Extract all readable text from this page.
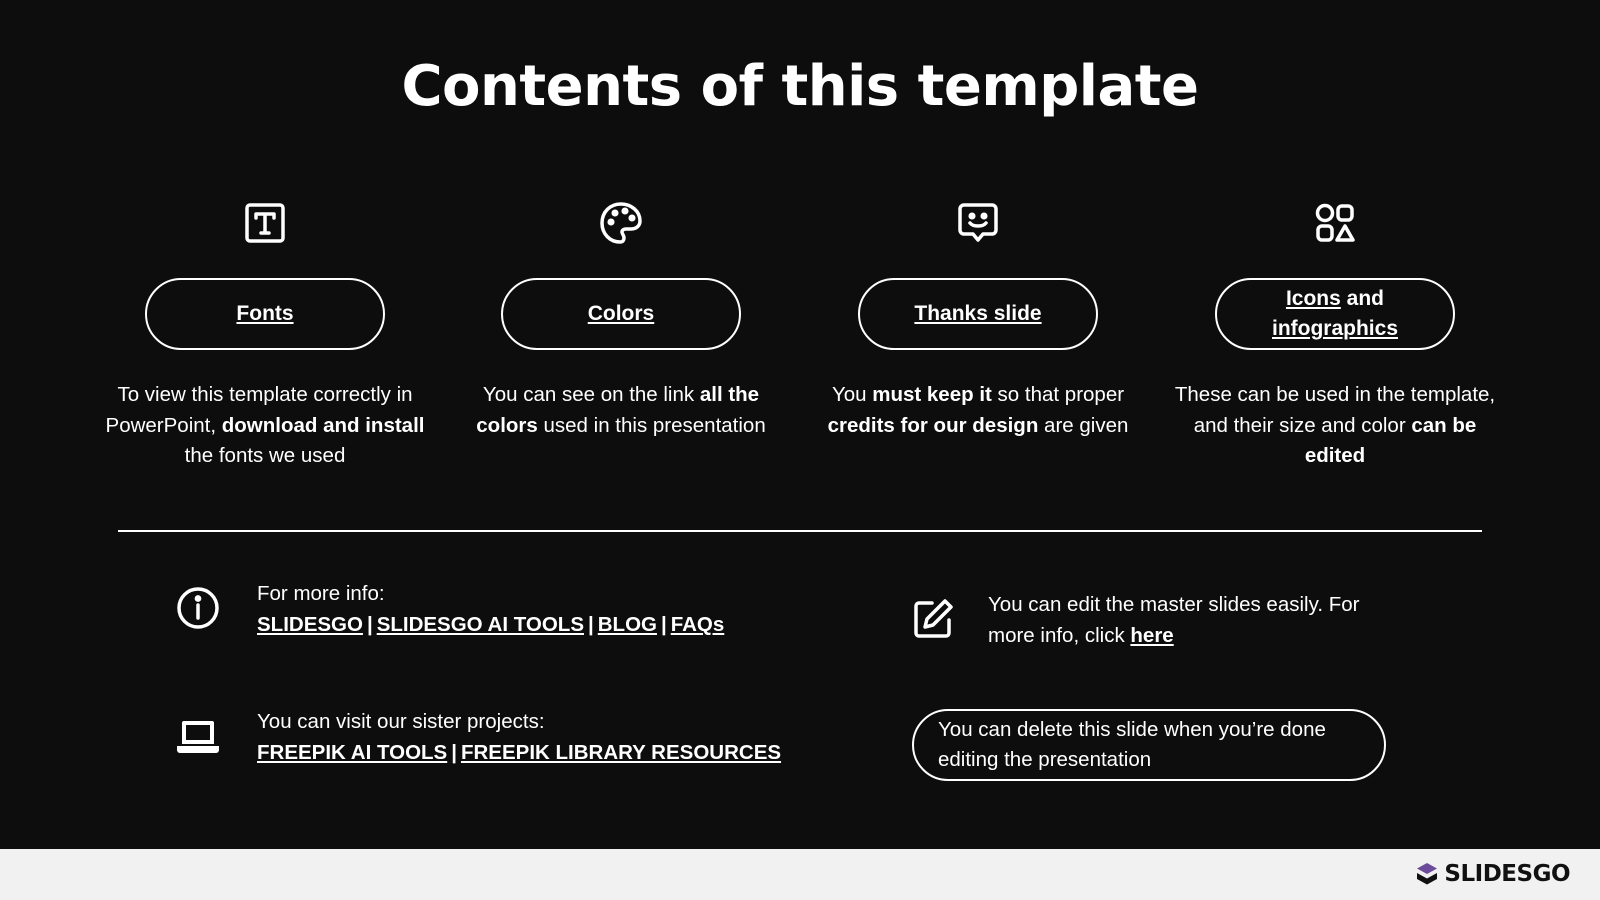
Contents of this template
Fonts
To view this template correctly in PowerPoint, download and install the fonts we used
Colors
You can see on the link all the colors used in this presentation
Thanks slide
You must keep it so that proper credits for our design are given
Icons and
infographics
These can be used in the template, and their size and color can be edited
For more info:
SLIDESGO | SLIDESGO AI TOOLS | BLOG | FAQs
You can visit our sister projects:
FREEPIK AI TOOLS | FREEPIK LIBRARY RESOURCES
You can edit the master slides easily. For more info, click here
You can delete this slide when you’re done editing the presentation
SLIDESGO
